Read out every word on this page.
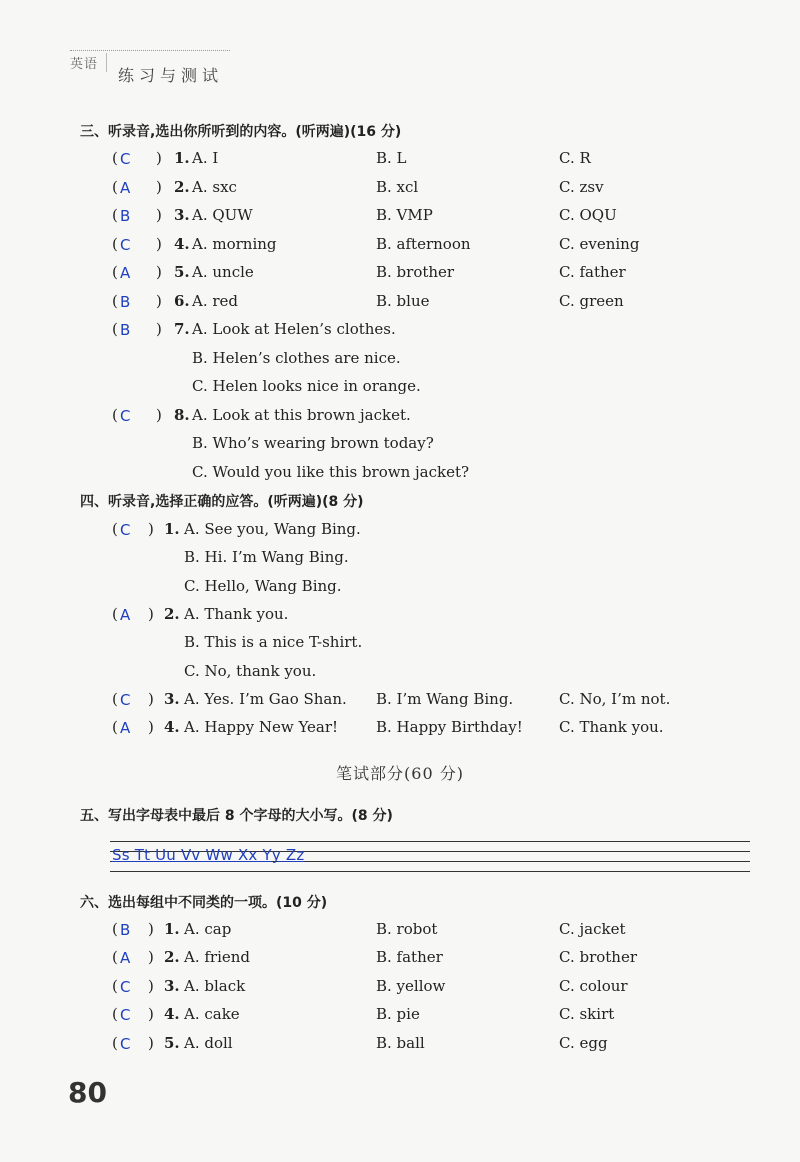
英语
练习与测试
三、听录音,选出你所听到的内容。(听两遍)(16 分)
( C ) 1. A. I	B. L	C. R
( A ) 2. A. sxc	B. xcl	C. zsv
( B ) 3. A. QUW	B. VMP	C. OQU
( C ) 4. A. morning	B. afternoon	C. evening
( A ) 5. A. uncle	B. brother	C. father
( B ) 6. A. red	B. blue	C. green
( B ) 7. A. Look at Helen’s clothes.
B. Helen’s clothes are nice.
C. Helen looks nice in orange.
( C ) 8. A. Look at this brown jacket.
B. Who’s wearing brown today?
C. Would you like this brown jacket?
四、听录音,选择正确的应答。(听两遍)(8 分)
( C ) 1. A. See you, Wang Bing.
B. Hi. I’m Wang Bing.
C. Hello, Wang Bing.
( A ) 2. A. Thank you.
B. This is a nice T-shirt.
C. No, thank you.
( C ) 3. A. Yes. I’m Gao Shan. B. I’m Wang Bing.	C. No, I’m not.
( A ) 4. A. Happy New Year!	B. Happy Birthday! C. Thank you.
笔试部分(60 分)
五、写出字母表中最后 8 个字母的大小写。(8 分)
Ss Tt Uu Vv Ww Xx Yy Zz
六、选出每组中不同类的一项。(10 分)
( B ) 1. A. cap	B. robot	C. jacket
( A ) 2. A. friend	B. father	C. brother
( C ) 3. A. black	B. yellow	C. colour
( C ) 4. A. cake	B. pie	C. skirt
( C ) 5. A. doll	B. ball	C. egg
80
